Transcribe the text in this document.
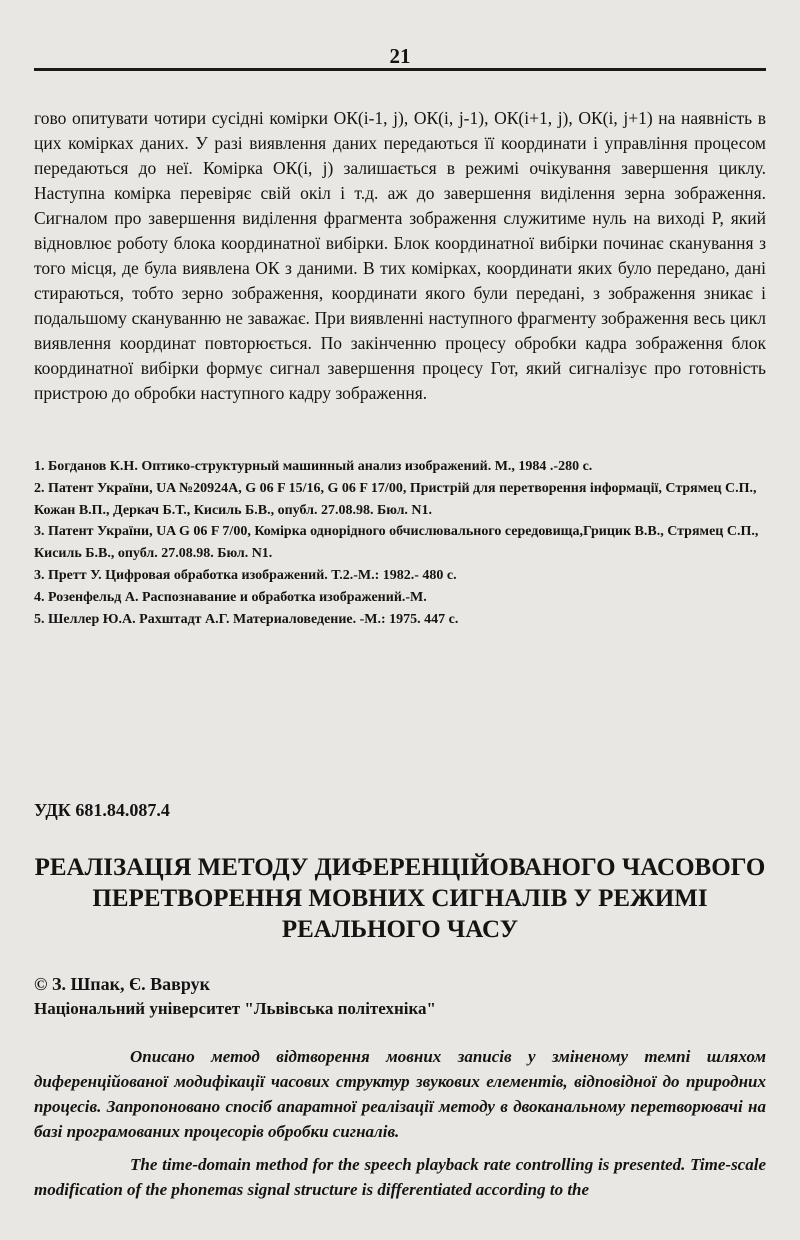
21

гово опитувати чотири сусідні комірки ОК(i-1, j), ОК(i, j-1), ОК(i+1, j), ОК(i, j+1) на наявність в цих комірках даних. У разі виявлення даних передаються її координати і управління процесом передаються до неї. Комірка ОК(i, j) залишається в режимі очікування завершення циклу. Наступна комірка перевіряє свій окіл і т.д. аж до завершення виділення зерна зображення. Сигналом про завершення виділення фрагмента зображення служитиме нуль на виході P, який відновлює роботу блока координатної вибірки. Блок координатної вибірки починає сканування з того місця, де була виявлена ОК з даними. В тих комірках, координати яких було переданo, дані стираються, тобто зерно зображення, координати якого були передані, з зображення зникає і подальшому скануванню не заважає. При виявленні наступного фрагменту зображення весь цикл виявлення координат повторюється. По закінченню процесу обробки кадра зображення блок координатної вибірки формує сигнал завершення процесу Гот, який сигналізує про готовність пристрою до обробки наступного кадру зображення.

1. Богданов К.Н. Оптико-структурный машинный анализ изображений. М., 1984 .-280 с.
2. Патент України, UA №20924A, G 06 F 15/16, G 06 F 17/00, Пристрій для перетворення інформації, Стрямец С.П., Кожан В.П., Деркач Б.Т., Кисиль Б.В., опубл. 27.08.98. Бюл. N1.
3. Патент України, UA G 06 F 7/00, Комірка однорідного обчислювального середовища,Грицик В.В., Стрямец С.П., Кисиль Б.В., опубл. 27.08.98. Бюл. N1.
3. Претт У. Цифровая обработка изображений. Т.2.-М.: 1982.- 480 с.
4. Розенфельд А. Распознавание и обработка изображений.-М.
5. Шеллер Ю.А. Рахштадт А.Г. Материаловедение. -М.: 1975. 447 с.
УДК 681.84.087.4
РЕАЛІЗАЦІЯ МЕТОДУ ДИФЕРЕНЦІЙОВАНОГО ЧАСОВОГО ПЕРЕТВОРЕННЯ МОВНИХ СИГНАЛІВ У РЕЖИМІ РЕАЛЬНОГО ЧАСУ
© З. Шпак, Є. Ваврук
Національний університет "Львівська політехніка"

Описано метод відтворення мовних записів у зміненому темпі шляхом диференційованої модифікації часових структур звукових елементів, відповідної до природних процесів. Запропоновано спосіб апаратної реалізації методу в двоканальному перетворювачі на базі програмованих процесорів обробки сигналів.

The time-domain method for the speech playback rate controlling is presented. Time-scale modification of the phonemas signal structure is differentiated according to the
